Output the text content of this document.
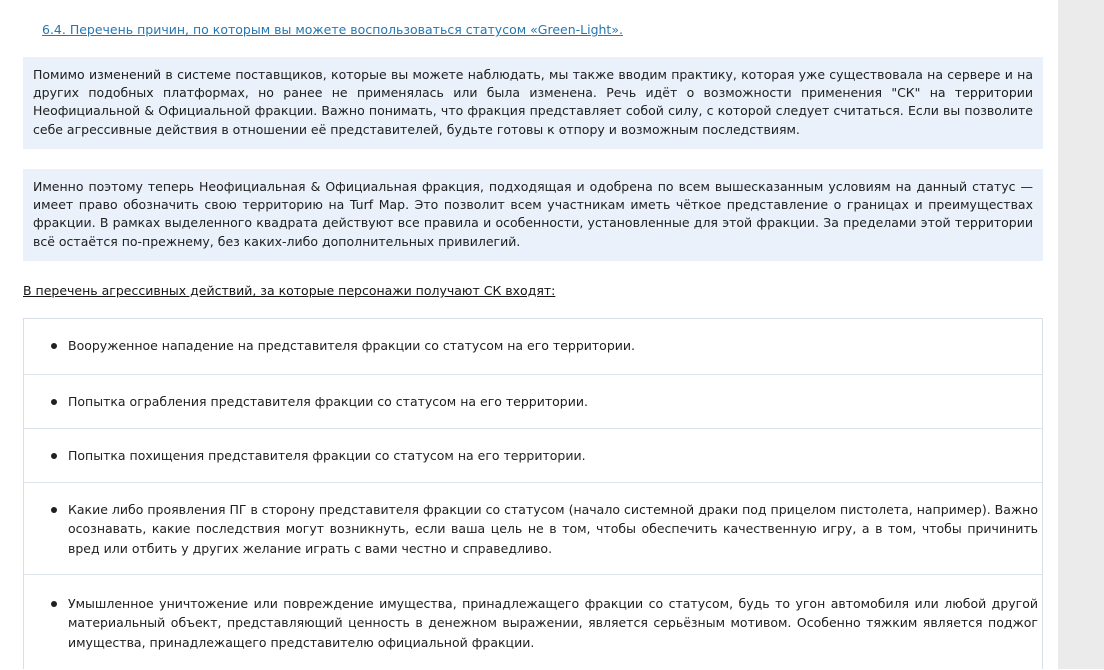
6.4. Перечень причин, по которым вы можете воспользоваться статусом «Green-Light».
Помимо изменений в системе поставщиков, которые вы можете наблюдать, мы также вводим практику, которая уже существовала на сервере и на других подобных платформах, но ранее не применялась или была изменена. Речь идёт о возможности применения "СК" на территории Неофициальной & Официальной фракции. Важно понимать, что фракция представляет собой силу, с которой следует считаться. Если вы позволите себе агрессивные действия в отношении её представителей, будьте готовы к отпору и возможным последствиям.
Именно поэтому теперь Неофициальная & Официальная фракция, подходящая и одобрена по всем вышесказанным условиям на данный статус — имеет право обозначить свою территорию на Turf Map. Это позволит всем участникам иметь чёткое представление о границах и преимуществах фракции. В рамках выделенного квадрата действуют все правила и особенности, установленные для этой фракции. За пределами этой территории всё остаётся по-прежнему, без каких-либо дополнительных привилегий.
В перечень агрессивных действий, за которые персонажи получают СК входят:
Вооруженное нападение на представителя фракции со статусом на его территории.
Попытка ограбления представителя фракции со статусом на его территории.
Попытка похищения представителя фракции со статусом на его территории.
Какие либо проявления ПГ в сторону представителя фракции со статусом (начало системной драки под прицелом пистолета, например). Важно осознавать, какие последствия могут возникнуть, если ваша цель не в том, чтобы обеспечить качественную игру, а в том, чтобы причинить вред или отбить у других желание играть с вами честно и справедливо.
Умышленное уничтожение или повреждение имущества, принадлежащего фракции со статусом, будь то угон автомобиля или любой другой материальный объект, представляющий ценность в денежном выражении, является серьёзным мотивом. Особенно тяжким является поджог имущества, принадлежащего представителю официальной фракции.
